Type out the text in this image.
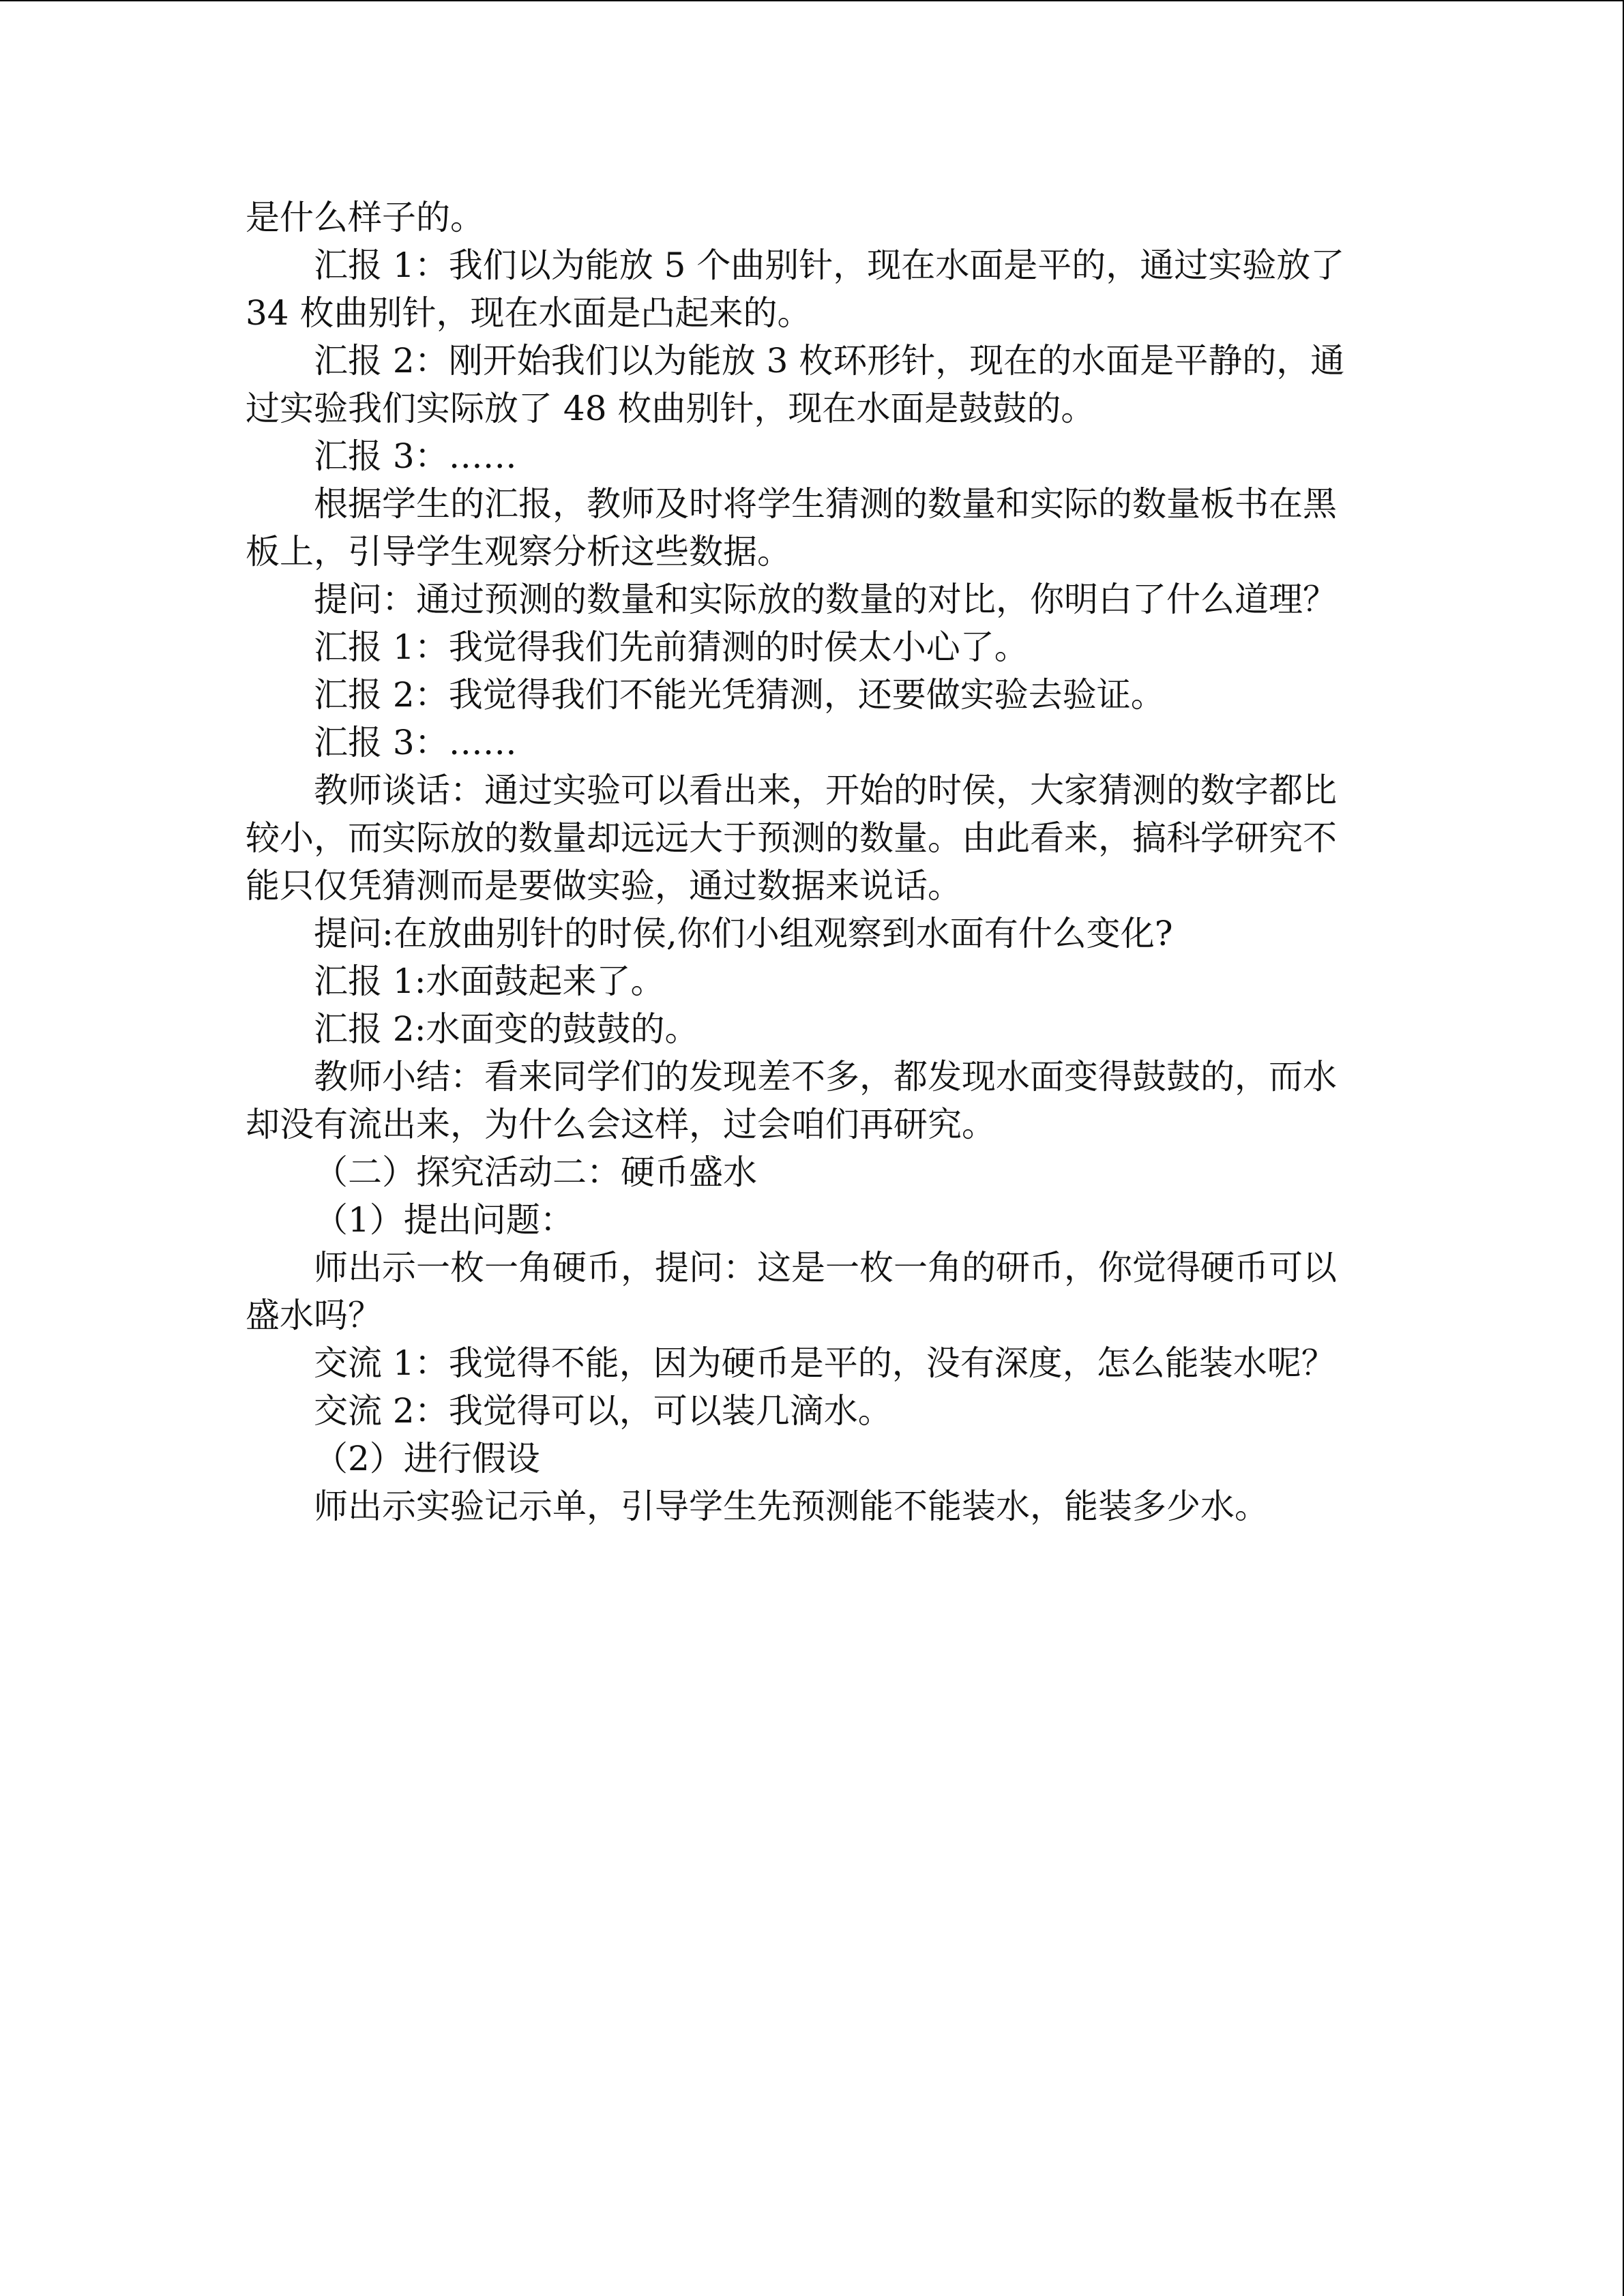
是什么样子的。

汇报 1：我们以为能放 5 个曲别针，现在水面是平的，通过实验放了 34 枚曲别针，现在水面是凸起来的。

汇报 2：刚开始我们以为能放 3 枚环形针，现在的水面是平静的，通过实验我们实际放了 48 枚曲别针，现在水面是鼓鼓的。

汇报 3：……

根据学生的汇报，教师及时将学生猜测的数量和实际的数量板书在黑板上，引导学生观察分析这些数据。

提问：通过预测的数量和实际放的数量的对比，你明白了什么道理？

汇报 1：我觉得我们先前猜测的时侯太小心了。

汇报 2：我觉得我们不能光凭猜测，还要做实验去验证。

汇报 3：……

教师谈话：通过实验可以看出来，开始的时侯，大家猜测的数字都比较小，而实际放的数量却远远大于预测的数量。由此看来，搞科学研究不能只仅凭猜测而是要做实验，通过数据来说话。

提问:在放曲别针的时侯,你们小组观察到水面有什么变化?

汇报 1:水面鼓起来了。

汇报 2:水面变的鼓鼓的。

教师小结：看来同学们的发现差不多，都发现水面变得鼓鼓的，而水却没有流出来，为什么会这样，过会咱们再研究。

（二）探究活动二：硬币盛水

（1）提出问题：

师出示一枚一角硬币，提问：这是一枚一角的研币，你觉得硬币可以盛水吗？

交流 1：我觉得不能，因为硬币是平的，没有深度，怎么能装水呢？

交流 2：我觉得可以，可以装几滴水。

（2）进行假设

师出示实验记示单，引导学生先预测能不能装水，能装多少水。
